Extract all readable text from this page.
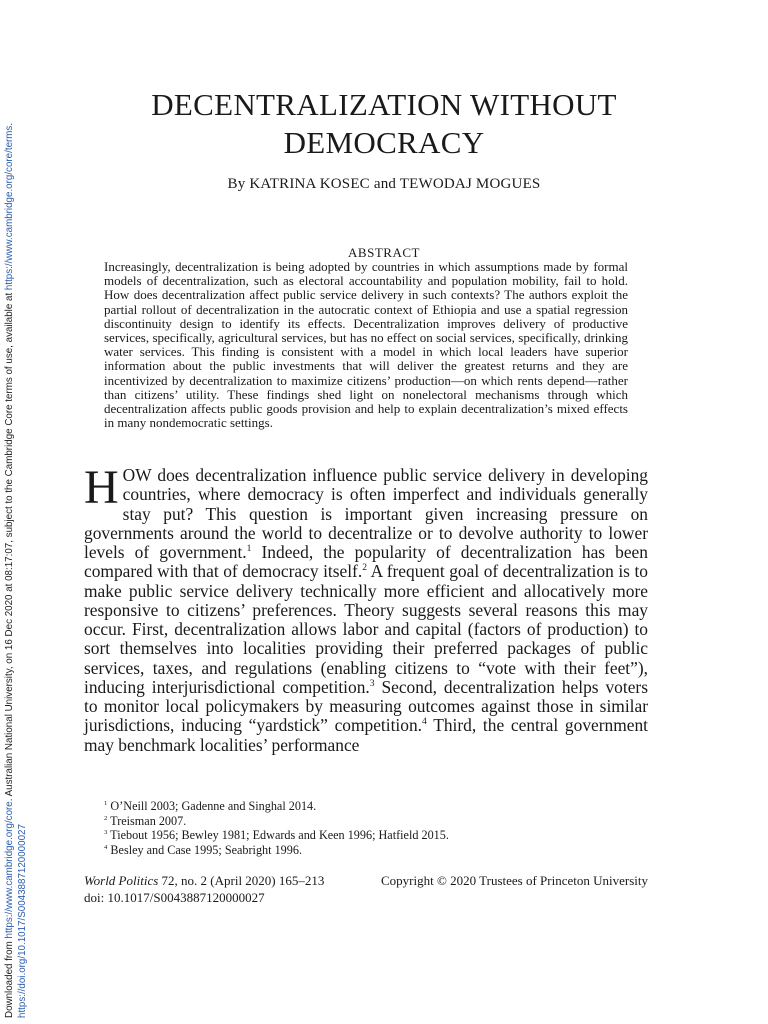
Downloaded from https://www.cambridge.org/core. Australian National University, on 16 Dec 2020 at 08:17:07, subject to the Cambridge Core terms of use, available at https://www.cambridge.org/core/terms.
https://doi.org/10.1017/S0043887120000027
DECENTRALIZATION WITHOUT DEMOCRACY
By KATRINA KOSEC and TEWODAJ MOGUES
ABSTRACT

Increasingly, decentralization is being adopted by countries in which assumptions made by formal models of decentralization, such as electoral accountability and population mobility, fail to hold. How does decentralization affect public service delivery in such contexts? The authors exploit the partial rollout of decentralization in the autocratic context of Ethiopia and use a spatial regression discontinuity design to identify its effects. Decentralization improves delivery of productive services, specifically, agricultural services, but has no effect on social services, specifically, drinking water services. This finding is consistent with a model in which local leaders have superior information about the public investments that will deliver the greatest returns and they are incentivized by decentralization to maximize citizens’ production—on which rents depend—rather than citizens’ utility. These findings shed light on nonelectoral mechanisms through which decentralization affects public goods provision and help to explain decentralization’s mixed effects in many nondemocratic settings.

HOW does decentralization influence public service delivery in developing countries, where democracy is often imperfect and individuals generally stay put? This question is important given increasing pressure on governments around the world to decentralize or to devolve authority to lower levels of government.$^1$ Indeed, the popularity of decentralization has been compared with that of democracy itself.$^2$ A frequent goal of decentralization is to make public service delivery technically more efficient and allocatively more responsive to citizens’ preferences. Theory suggests several reasons this may occur. First, decentralization allows labor and capital (factors of production) to sort themselves into localities providing their preferred packages of public services, taxes, and regulations (enabling citizens to “vote with their feet”), inducing interjurisdictional competition.$^3$ Second, decentralization helps voters to monitor local policymakers by measuring outcomes against those in similar jurisdictions, inducing “yardstick” competition.$^4$ Third, the central government may benchmark localities’ performance

$^1$ O’Neill 2003; Gadenne and Singhal 2014.
$^2$ Treisman 2007.
$^3$ Tiebout 1956; Bewley 1981; Edwards and Keen 1996; Hatfield 2015.
$^4$ Besley and Case 1995; Seabright 1996.
World Politics 72, no. 2 (April 2020) 165–213	Copyright © 2020 Trustees of Princeton University
doi: 10.1017/S0043887120000027
